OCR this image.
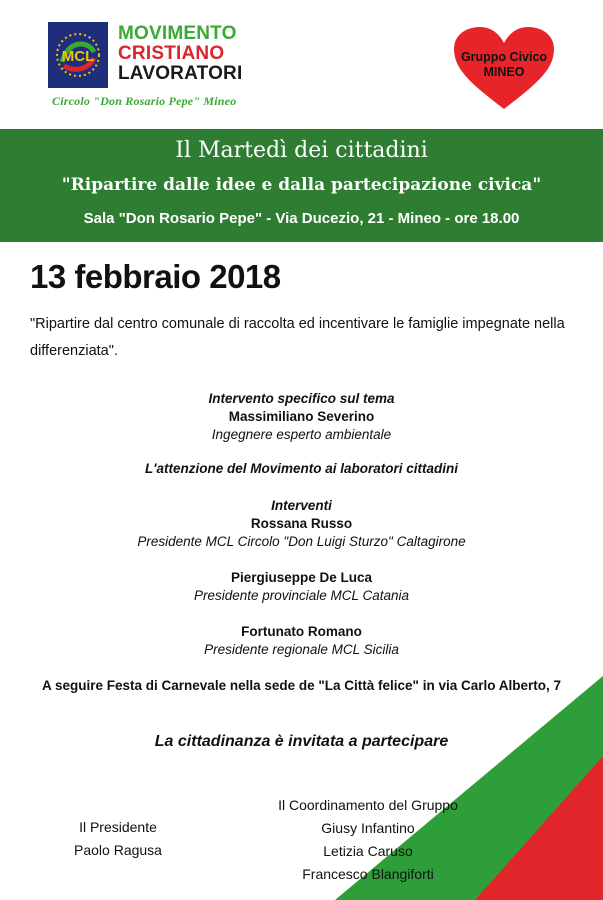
MCL
MOVIMENTO
CRISTIANO
LAVORATORI
Circolo "Don Rosario Pepe" Mineo
Gruppo Civico
MINEO
Il Martedì dei cittadini
"Ripartire dalle idee e dalla partecipazione civica"
Sala "Don Rosario Pepe" - Via Ducezio, 21 - Mineo - ore 18.00
13 febbraio 2018
"Ripartire dal centro comunale di raccolta ed incentivare le famiglie impegnate nella differenziata".
Intervento specifico sul tema
Massimiliano Severino
Ingegnere esperto ambientale
L'attenzione del Movimento ai laboratori cittadini
Interventi
Rossana Russo
Presidente MCL Circolo "Don Luigi Sturzo" Caltagirone
Piergiuseppe De Luca
Presidente provinciale MCL Catania
Fortunato Romano
Presidente regionale MCL Sicilia
A seguire Festa di Carnevale nella sede de "La Città felice" in via Carlo Alberto, 7
La cittadinanza è invitata a partecipare
Il Presidente
Paolo Ragusa
Il Coordinamento del Gruppo
Giusy Infantino
Letizia Caruso
Francesco Blangiforti
